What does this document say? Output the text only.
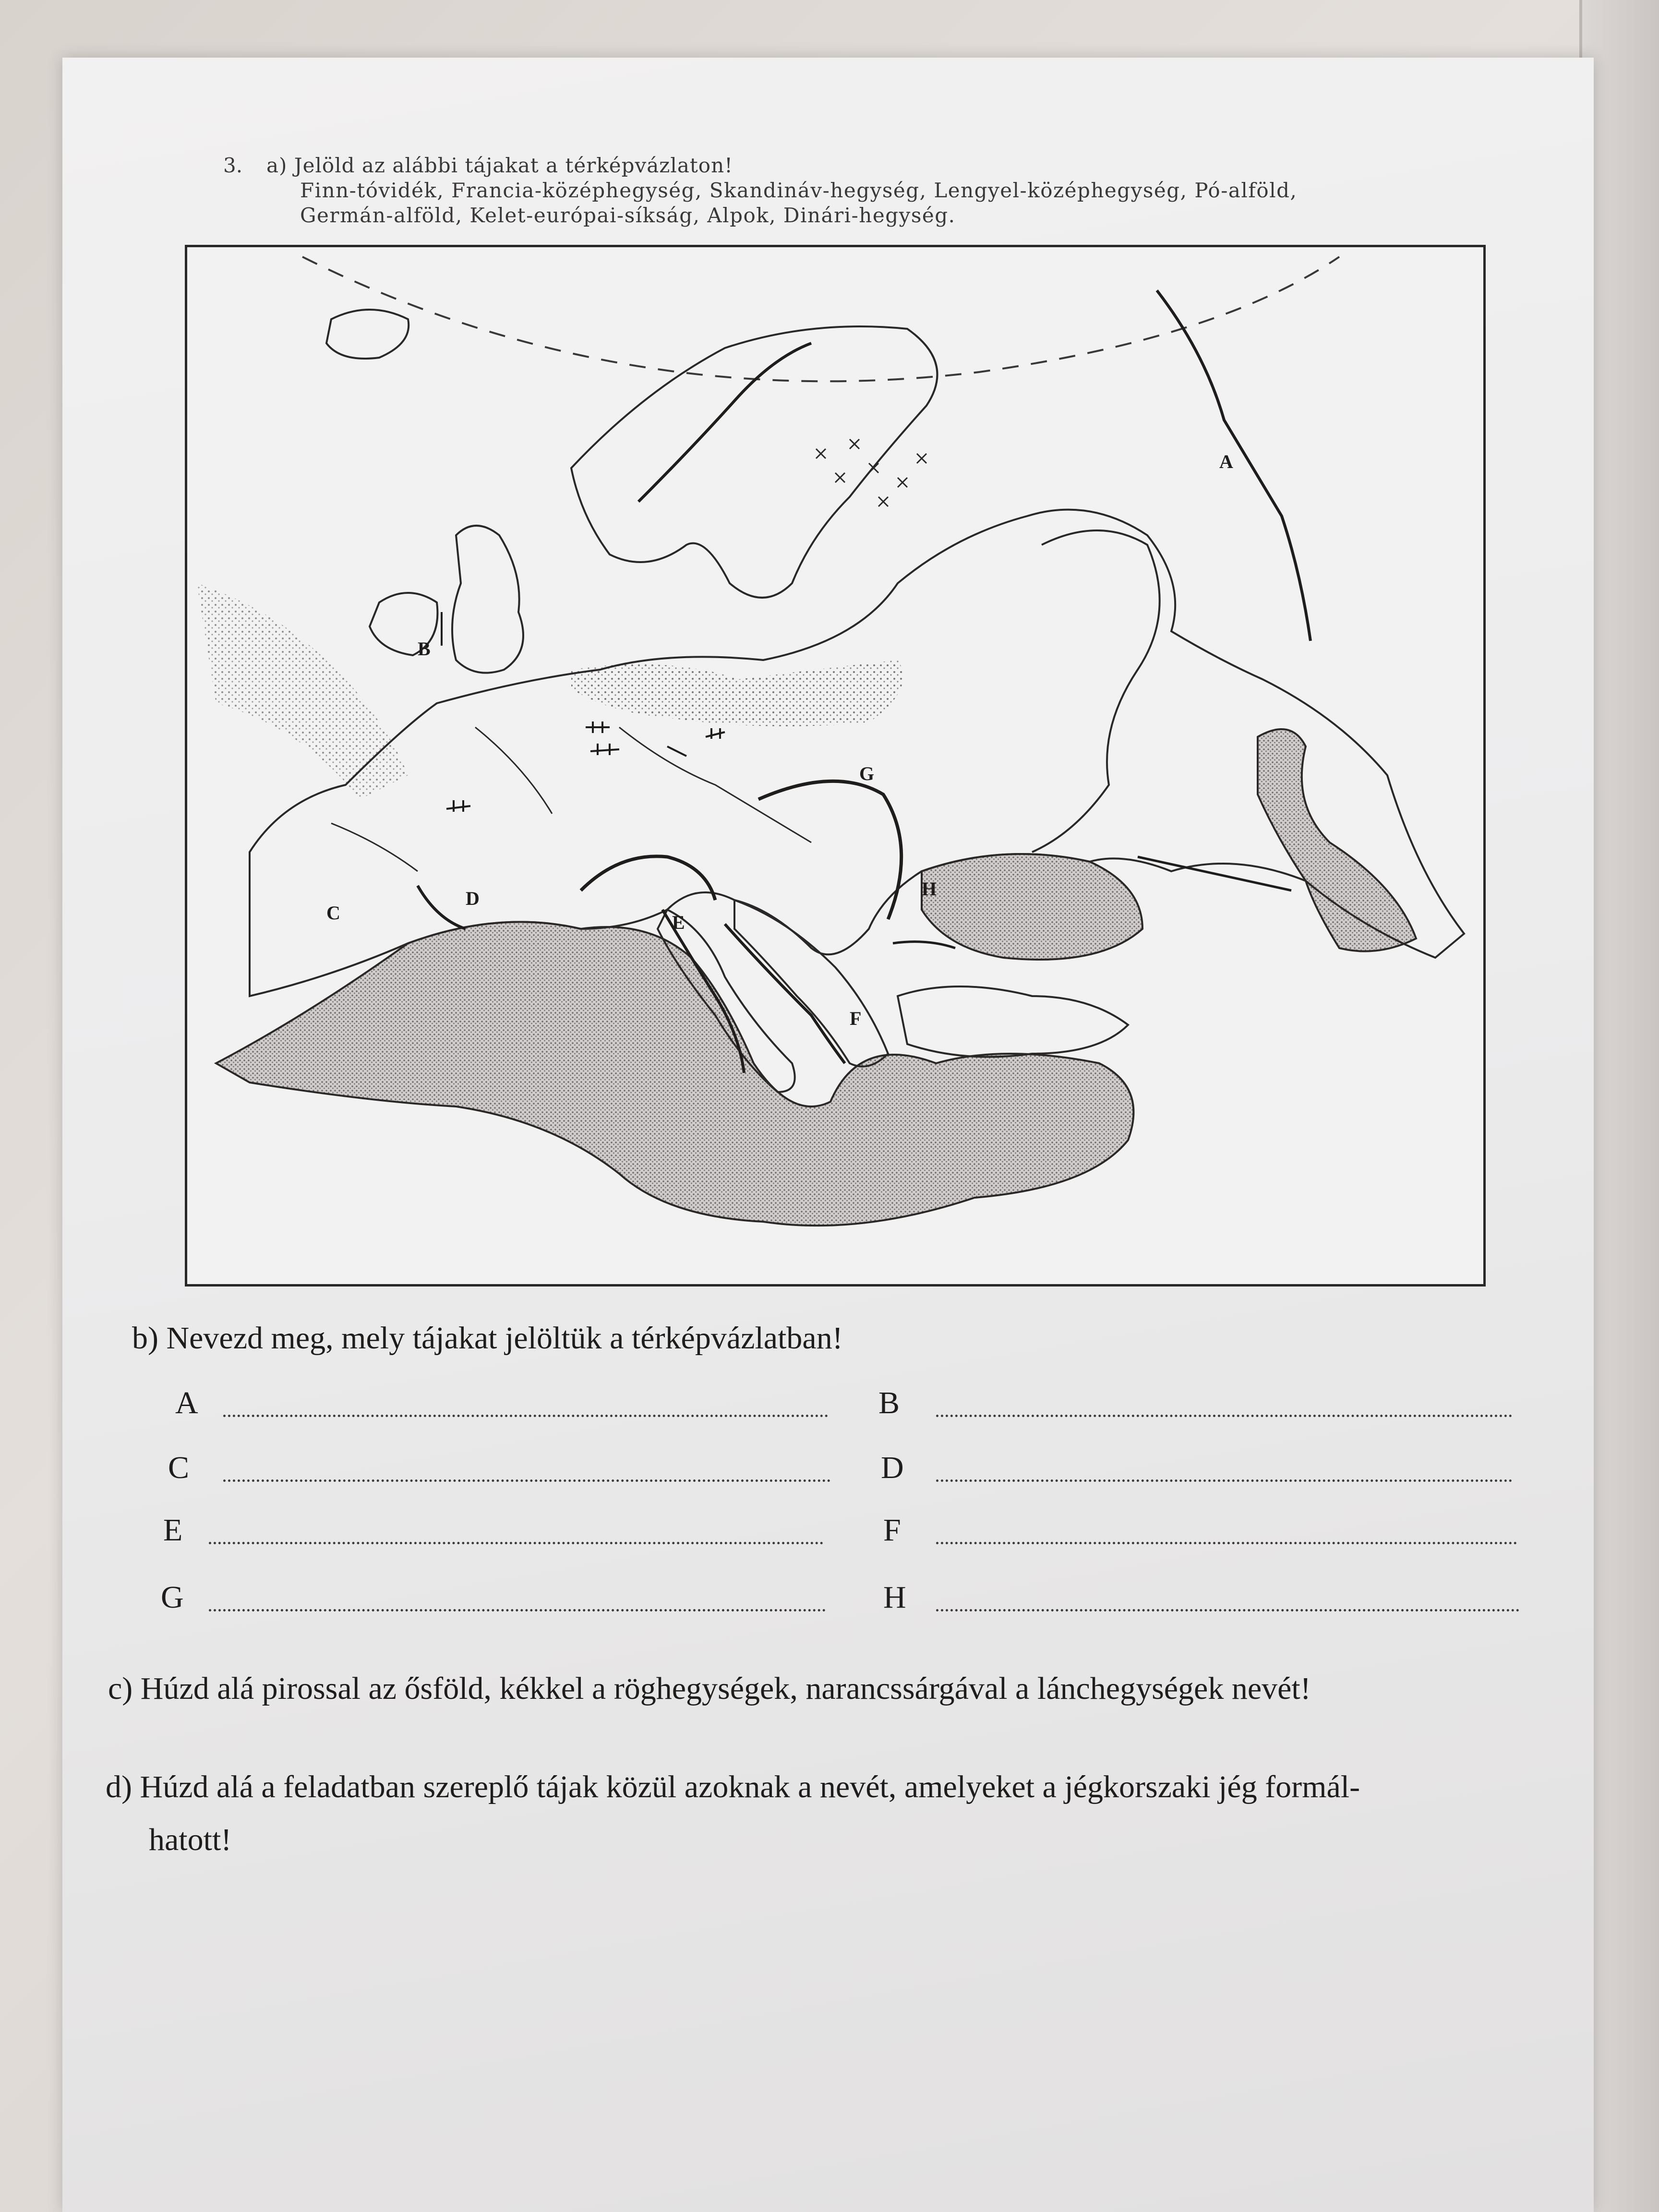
3. a) Jelöld az alábbi tájakat a térképvázlaton!
Finn-tóvidék, Francia-középhegység, Skandináv-hegység, Lengyel-középhegység, Pó-alföld,
Germán-alföld, Kelet-európai-síkság, Alpok, Dinári-hegység.
A
B
C
D
E
F
G
H
b) Nevezd meg, mely tájakat jelöltük a térképvázlatban!
A	B
C	D
E	F
G	H
c) Húzd alá pirossal az ősföld, kékkel a röghegységek, narancssárgával a lánchegységek nevét!
d) Húzd alá a feladatban szereplő tájak közül azoknak a nevét, amelyeket a jégkorszaki jég formál-
hatott!
